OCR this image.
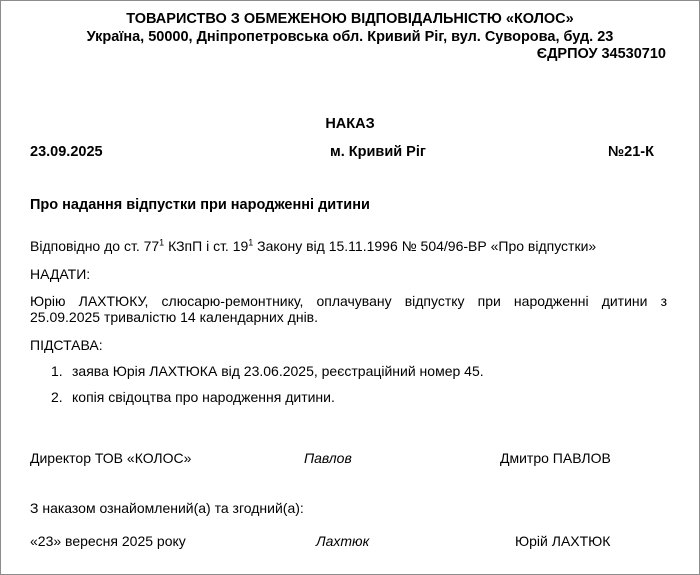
ТОВАРИСТВО З ОБМЕЖЕНОЮ ВІДПОВІДАЛЬНІСТЮ «КОЛОС»
Україна, 50000, Дніпропетровська обл. Кривий Ріг, вул. Суворова, буд. 23
ЄДРПОУ 34530710
НАКАЗ
23.09.2025	м. Кривий Ріг	№21-К
Про надання відпустки при народженні дитини
Відповідно до ст. $77^1$ КЗпП і ст. $19^1$ Закону від 15.11.1996 № 504/96-ВР «Про відпустки»
НАДАТИ:
Юрію ЛАХТЮКУ, слюсарю-ремонтнику, оплачувану відпустку при народженні дитини з 25.09.2025 тривалістю 14 календарних днів.
ПІДСТАВА:
1. заява Юрія ЛАХТЮКА від 23.06.2025, реєстраційний номер 45.
2. копія свідоцтва про народження дитини.
Директор ТОВ «КОЛОС»	Павлов	Дмитро ПАВЛОВ
З наказом ознайомлений(а) та згодний(а):
«23» вересня 2025 року	Лахтюк	Юрій ЛАХТЮК
